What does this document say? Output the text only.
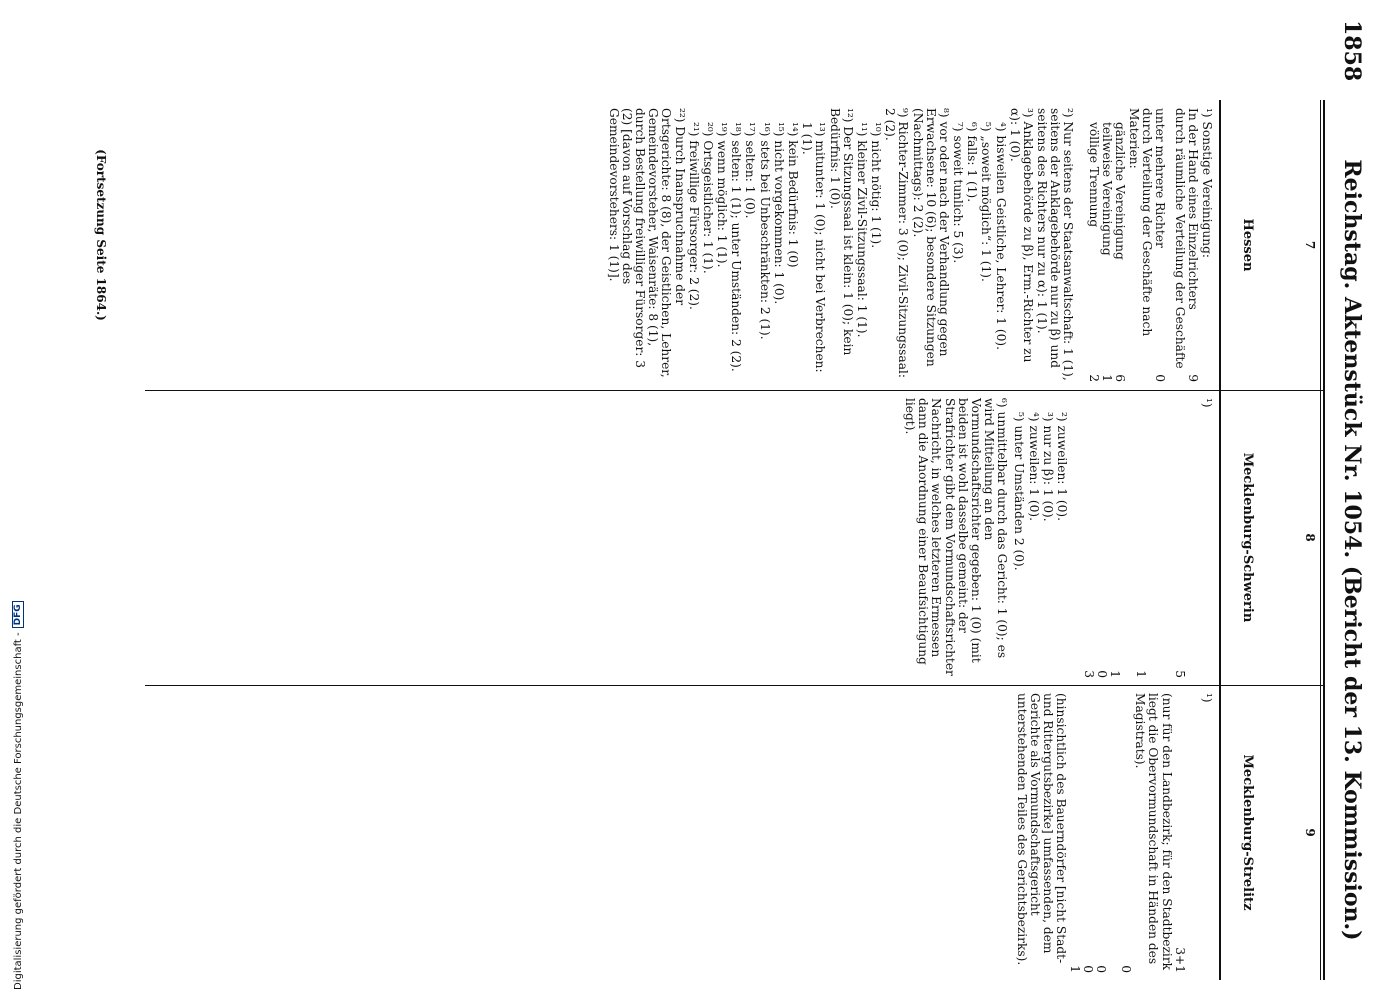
1858
Reichstag. Aktenstück Nr. 1054. (Bericht der 13. Kommission.)
7
8
9
Hessen
Mecklenburg-Schwerin
Mecklenburg-Strelitz

¹) Sonstige Vereinigung:

In der Hand eines Einzelrichters
9

durch räumliche Verteilung der Geschäfte

unter mehrere Richter
0

durch Verteilung der Geschäfte nach Materien:

gänzliche Vereinigung
6
teilweise Vereinigung
1
völlige Trennung
2

²) Nur seitens der Staatsanwaltschaft: 1 (1), seitens der Anklagebehörde nur zu β) und seitens des Richters nur zu α): 1 (1).

³) Anklagebehörde zu β), Erm.-Richter zu α): 1 (0).

⁴) bisweilen Geistliche, Lehrer: 1 (0).

⁵) „soweit möglich“: 1 (1).

⁶) falls: 1 (1).

⁷) soweit tunlich: 5 (3).

⁸) vor oder nach der Verhandlung gegen Erwachsene: 10 (6); besondere Sitzungen (Nachmittags): 2 (2).

⁹) Richter-Zimmer: 3 (0); Zivil-Sitzungssaal: 2 (2).

¹⁰) nicht nötig: 1 (1).

¹¹) kleiner Zivil-Sitzungssaal: 1 (1).

¹²) Der Sitzungssaal ist klein: 1 (0); kein Bedürfnis: 1 (0).

¹³) mitunter: 1 (0); nicht bei Verbrechen: 1 (1).

¹⁴) kein Bedürfnis: 1 (0)

¹⁵) nicht vorgekommen: 1 (0).

¹⁶) stets bei Unbeschränkten: 2 (1).

¹⁷) selten: 1 (0).

¹⁸) selten: 1 (1); unter Umständen: 2 (2).

¹⁹) wenn möglich: 1 (1).

²⁰) Ortsgeistlicher: 1 (1).

²¹) freiwillige Fürsorger: 2 (2).

²²) Durch Inanspruchnahme der Ortsgerichte: 8 (8), der Geistlichen, Lehrer, Gemeindevorsteher, Waisenräte: 8 (1), durch Bestellung freiwilliger Fürsorger: 3 (2) [davon auf Vorschlag des Gemeindevorstehers: 1 (1)].

(Fortsetzung Seite 1864.)

¹)

5

1

1

0

3

²) zuweilen: 1 (0).

³) nur zu β): 1 (0).

⁴) zuweilen: 1 (0).

⁵) unter Umständen 2 (0).

⁶) unmittelbar durch das Gericht: 1 (0); es wird Mitteilung an den Vormundschaftsrichter gegeben: 1 (0) (mit beiden ist wohl dasselbe gemeint: der Strafrichter gibt dem Vormundschaftsrichter Nachricht, in welches letzteren Ermessen dann die Anordnung einer Beaufsichtigung liegt).

¹)

3+1

(nur für den Landbezirk; für den Stadtbezirk liegt die Obervormundschaft in Händen des Magistrats).

0

0

0

1

(hinsichtlich des Bauerndörfer [nicht Stadt- und Rittergutsbezirke] umfassenden, dem Gerichte als Vormundschaftsgericht unterstehenden Teiles des Gerichtsbezirks).

Digitalisierung gefördert durch die Deutsche Forschungsgemeinschaft -
DFG
